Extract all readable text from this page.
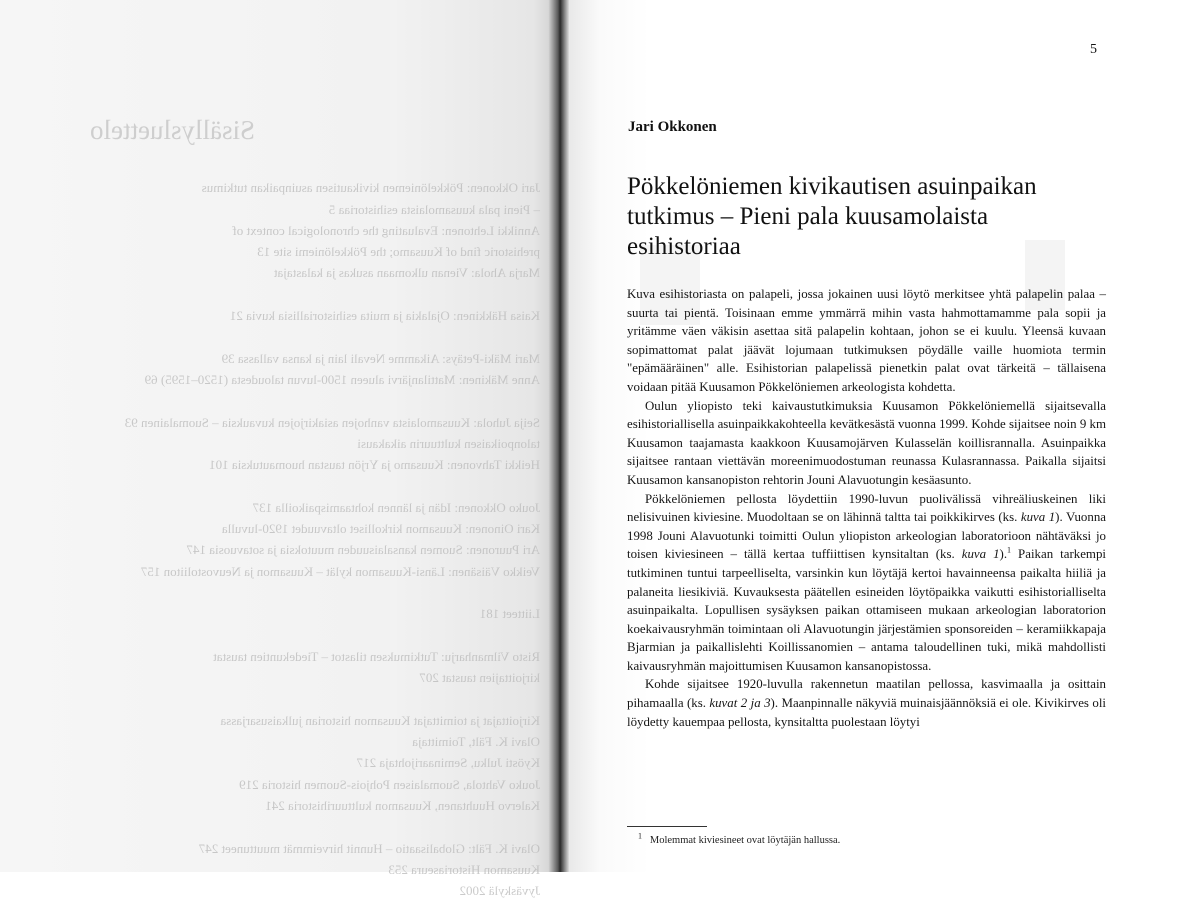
Sisällysluettelo
Jari Okkonen: Pökkelöniemen kivikautisen asuinpaikan tutkimus
– Pieni pala kuusamolaista esihistoriaa 5
Annikki Lehtonen: Evaluating the chronological context of
prehistoric find of Kuusamo; the Pökkelöniemi site 13
Marja Ahola: Vienan ulkomaan asukas ja kalastajat

Kaisa Häkkinen: Ojalakia ja muita esihistoriallisia kuvia 21

Mari Mäki-Petäys: Aikamme Nevali lain ja kansa vallassa 39
Anne Mäkinen: Mattilanjärvi alueen 1500-luvun taloudesta (1520–1595) 69

Seija Juhola: Kuusamolaista vanhojen asiakirjojen kuvauksia – Suomalainen 93
talonpoikaisen kulttuurin aikakausi
Heikki Tahvonen: Kuusamo ja Yrjön taustan huomautuksia 101

Jouko Okkonen: Idän ja lännen kohtaamispaikoilla 137
Kari Oinonen: Kuusamon kirkolliset oltavuudet 1920-luvulla
Ari Puuronen: Suomen kansalaisuuden muutoksia ja sotavuosia 147
Veikko Väisänen: Länsi-Kuusamon kylät – Kuusamon ja Neuvostoliiton 157

Liitteet 181

Risto Vilmanharju: Tutkimuksen tilastot – Tiedekuntien taustat
kirjoittajien taustat 207

Kirjoittajat ja toimittajat Kuusamon historian julkaisusarjassa
Olavi K. Fält, Toimittaja
Kyösti Julku, Seminaarijohtaja 217
Jouko Vahtola, Suomalaisen Pohjois-Suomen historia 219
Kalervo Huuhtanen, Kuusamon kulttuurihistoria 241

Olavi K. Fält: Globalisaatio – Hunnit hirveimmät muuttuneet 247
Kuusamon Historiaseura 253
Jyväskylä 2002
5
Jari Okkonen
Pökkelöniemen kivikautisen asuinpaikan tutkimus – Pieni pala kuusamolaista esihistoriaa

Kuva esihistoriasta on palapeli, jossa jokainen uusi löytö merkitsee yhtä palapelin palaa – suurta tai pientä. Toisinaan emme ymmärrä mihin vasta hahmottamamme pala sopii ja yritämme väen väkisin asettaa sitä palapelin kohtaan, johon se ei kuulu. Yleensä kuvaan sopimattomat palat jäävät lojumaan tutkimuksen pöydälle vaille huomiota termin "epämääräinen" alle. Esihistorian palapelissä pienetkin palat ovat tärkeitä – tällaisena voidaan pitää Kuusamon Pökkelöniemen arkeologista kohdetta.

Oulun yliopisto teki kaivaustutkimuksia Kuusamon Pökkelöniemellä sijaitsevalla esihistoriallisella asuinpaikkakohteella kevätkesästä vuonna 1999. Kohde sijaitsee noin 9 km Kuusamon taajamasta kaakkoon Kuusamojärven Kulasselän koillisrannalla. Asuinpaikka sijaitsee rantaan viettävän moreenimuodostuman reunassa Kulasrannassa. Paikalla sijaitsi Kuusamon kansanopiston rehtorin Jouni Alavuotungin kesäasunto.

Pökkelöniemen pellosta löydettiin 1990-luvun puolivälissä vihreäliuskeinen liki nelisivuinen kiviesine. Muodoltaan se on lähinnä taltta tai poikkikirves (ks. kuva 1). Vuonna 1998 Jouni Alavuotunki toimitti Oulun yliopiston arkeologian laboratorioon nähtäväksi jo toisen kiviesineen – tällä kertaa tuffiittisen kynsitaltan (ks. kuva 1).$^1$ Paikan tarkempi tutkiminen tuntui tarpeelliselta, varsinkin kun löytäjä kertoi havainneensa paikalta hiiliä ja palaneita liesikiviä. Kuvauksesta päätellen esineiden löytöpaikka vaikutti esihistorialliselta asuinpaikalta. Lopullisen sysäyksen paikan ottamiseen mukaan arkeologian laboratorion koekaivausryhmän toimintaan oli Alavuotungin järjestämien sponsoreiden – keramiikkapaja Bjarmian ja paikallislehti Koillissanomien – antama taloudellinen tuki, mikä mahdollisti kaivausryhmän majoittumisen Kuusamon kansanopistossa.

Kohde sijaitsee 1920-luvulla rakennetun maatilan pellossa, kasvimaalla ja osittain pihamaalla (ks. kuvat 2 ja 3). Maanpinnalle näkyviä muinaisjäännöksiä ei ole. Kivikirves oli löydetty kauempaa pellosta, kynsitaltta puolestaan löytyi

$^1$ Molemmat kiviesineet ovat löytäjän hallussa.
